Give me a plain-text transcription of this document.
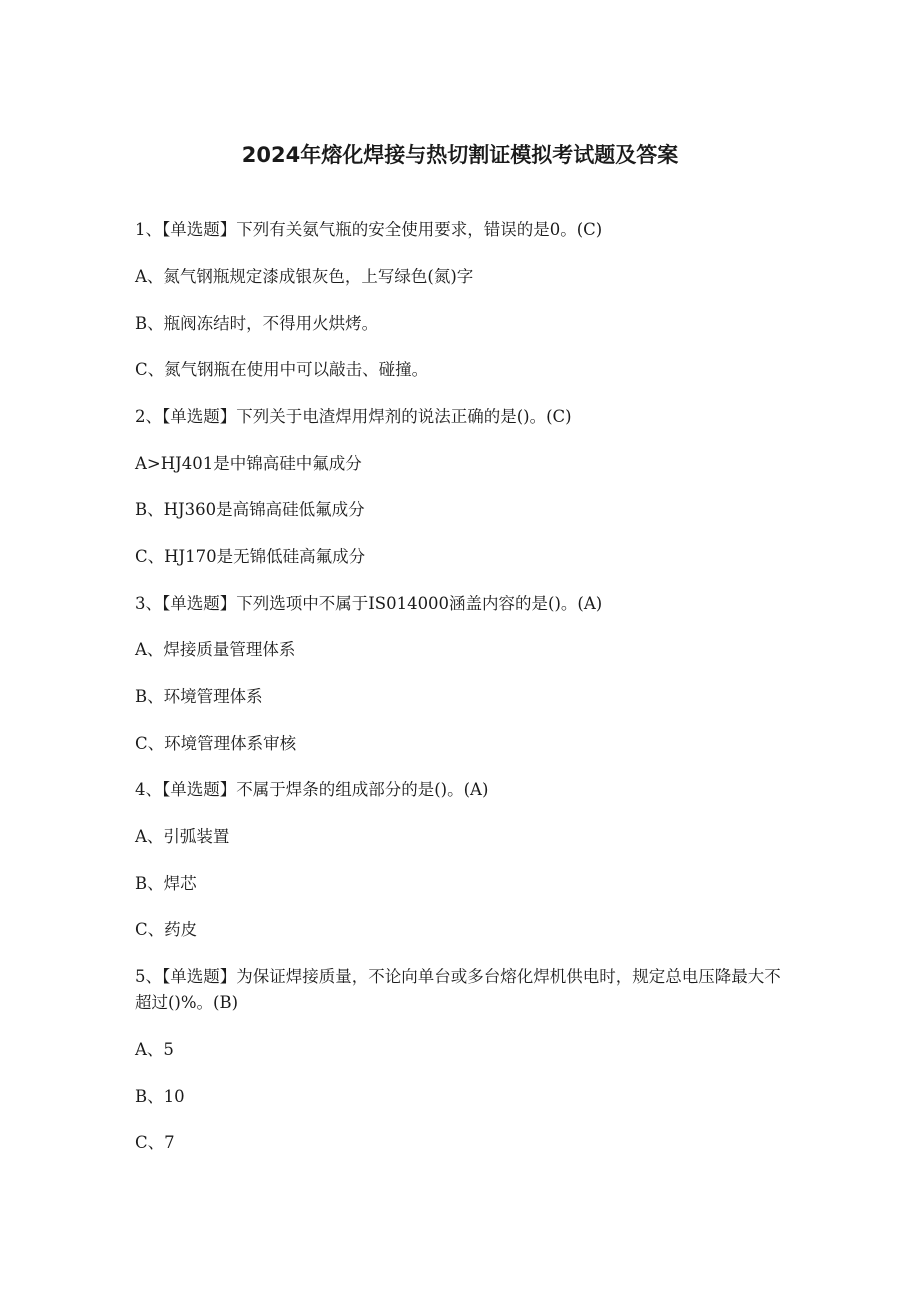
2024年熔化焊接与热切割证模拟考试题及答案

1、【单选题】下列有关氨气瓶的安全使用要求，错误的是0。(C)

A、氮气钢瓶规定漆成银灰色，上写绿色(氮)字

B、瓶阀冻结时，不得用火烘烤。

C、氮气钢瓶在使用中可以敲击、碰撞。

2、【单选题】下列关于电渣焊用焊剂的说法正确的是()。(C)

A>HJ401是中锦高硅中氟成分

B、HJ360是高锦高硅低氟成分

C、HJ170是无锦低硅高氟成分

3、【单选题】下列选项中不属于IS014000涵盖内容的是()。(A)

A、焊接质量管理体系

B、环境管理体系

C、环境管理体系审核

4、【单选题】不属于焊条的组成部分的是()。(A)

A、引弧装置

B、焊芯

C、药皮

5、【单选题】为保证焊接质量，不论向单台或多台熔化焊机供电时，规定总电压降最大不超过()%。(B)

A、5

B、10

C、7
